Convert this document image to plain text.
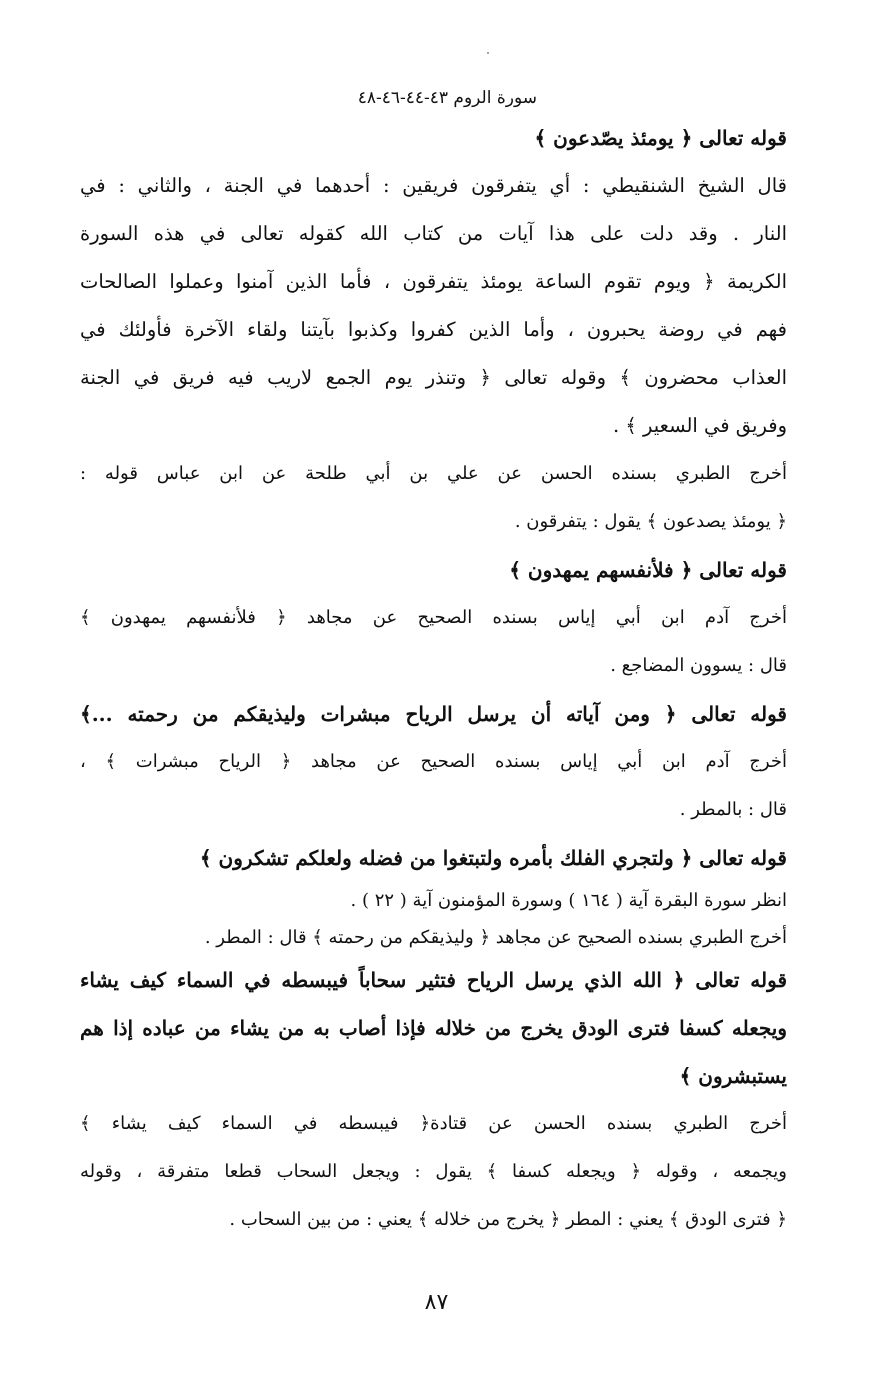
سورة الروم ٤٣-٤٤-٤٦-٤٨
قوله تعالى ﴿ يومئذ يصّدعون ﴾
قال الشيخ الشنقيطي : أي يتفرقون فريقين : أحدهما في الجنة ، والثاني : في
النار . وقد دلت على هذا آيات من كتاب الله كقوله تعالى في هذه السورة
الكريمة ﴿ ويوم تقوم الساعة يومئذ يتفرقون ، فأما الذين آمنوا وعملوا الصالحات
فهم في روضة يحبرون ، وأما الذين كفروا وكذبوا بآيتنا ولقاء الآخرة فأولئك في
العذاب محضرون ﴾ وقوله تعالى ﴿ وتنذر يوم الجمع لاريب فيه فريق في الجنة
وفريق في السعير ﴾ .
أخرج الطبري بسنده الحسن عن علي بن أبي طلحة عن ابن عباس قوله :
﴿ يومئذ يصدعون ﴾ يقول : يتفرقون .
قوله تعالى ﴿ فلأنفسهم يمهدون ﴾
أخرج آدم ابن أبي إياس بسنده الصحيح عن مجاهد ﴿ فلأنفسهم يمهدون ﴾
قال : يسوون المضاجع .
قوله تعالى ﴿ ومن آياته أن يرسل الرياح مبشرات وليذيقكم من رحمته ...﴾
أخرج آدم ابن أبي إياس بسنده الصحيح عن مجاهد ﴿ الرياح مبشرات ﴾ ،
قال : بالمطر .
قوله تعالى ﴿ ولتجري الفلك بأمره ولتبتغوا من فضله ولعلكم تشكرون ﴾
انظر سورة البقرة آية ( ١٦٤ ) وسورة المؤمنون آية ( ٢٢ ) .
أخرج الطبري بسنده الصحيح عن مجاهد ﴿ وليذيقكم من رحمته ﴾ قال : المطر .
قوله تعالى ﴿ الله الذي يرسل الرياح فتثير سحاباً فيبسطه في السماء كيف يشاء
ويجعله كسفا فترى الودق يخرج من خلاله فإذا أصاب به من يشاء من عباده إذا هم
يستبشرون ﴾
أخرج الطبري بسنده الحسن عن قتادة﴿ فيبسطه في السماء كيف يشاء ﴾
ويجمعه ، وقوله ﴿ ويجعله كسفا ﴾ يقول : ويجعل السحاب قطعا متفرقة ، وقوله
﴿ فترى الودق ﴾ يعني : المطر ﴿ يخرج من خلاله ﴾ يعني : من بين السحاب .
٨٧
